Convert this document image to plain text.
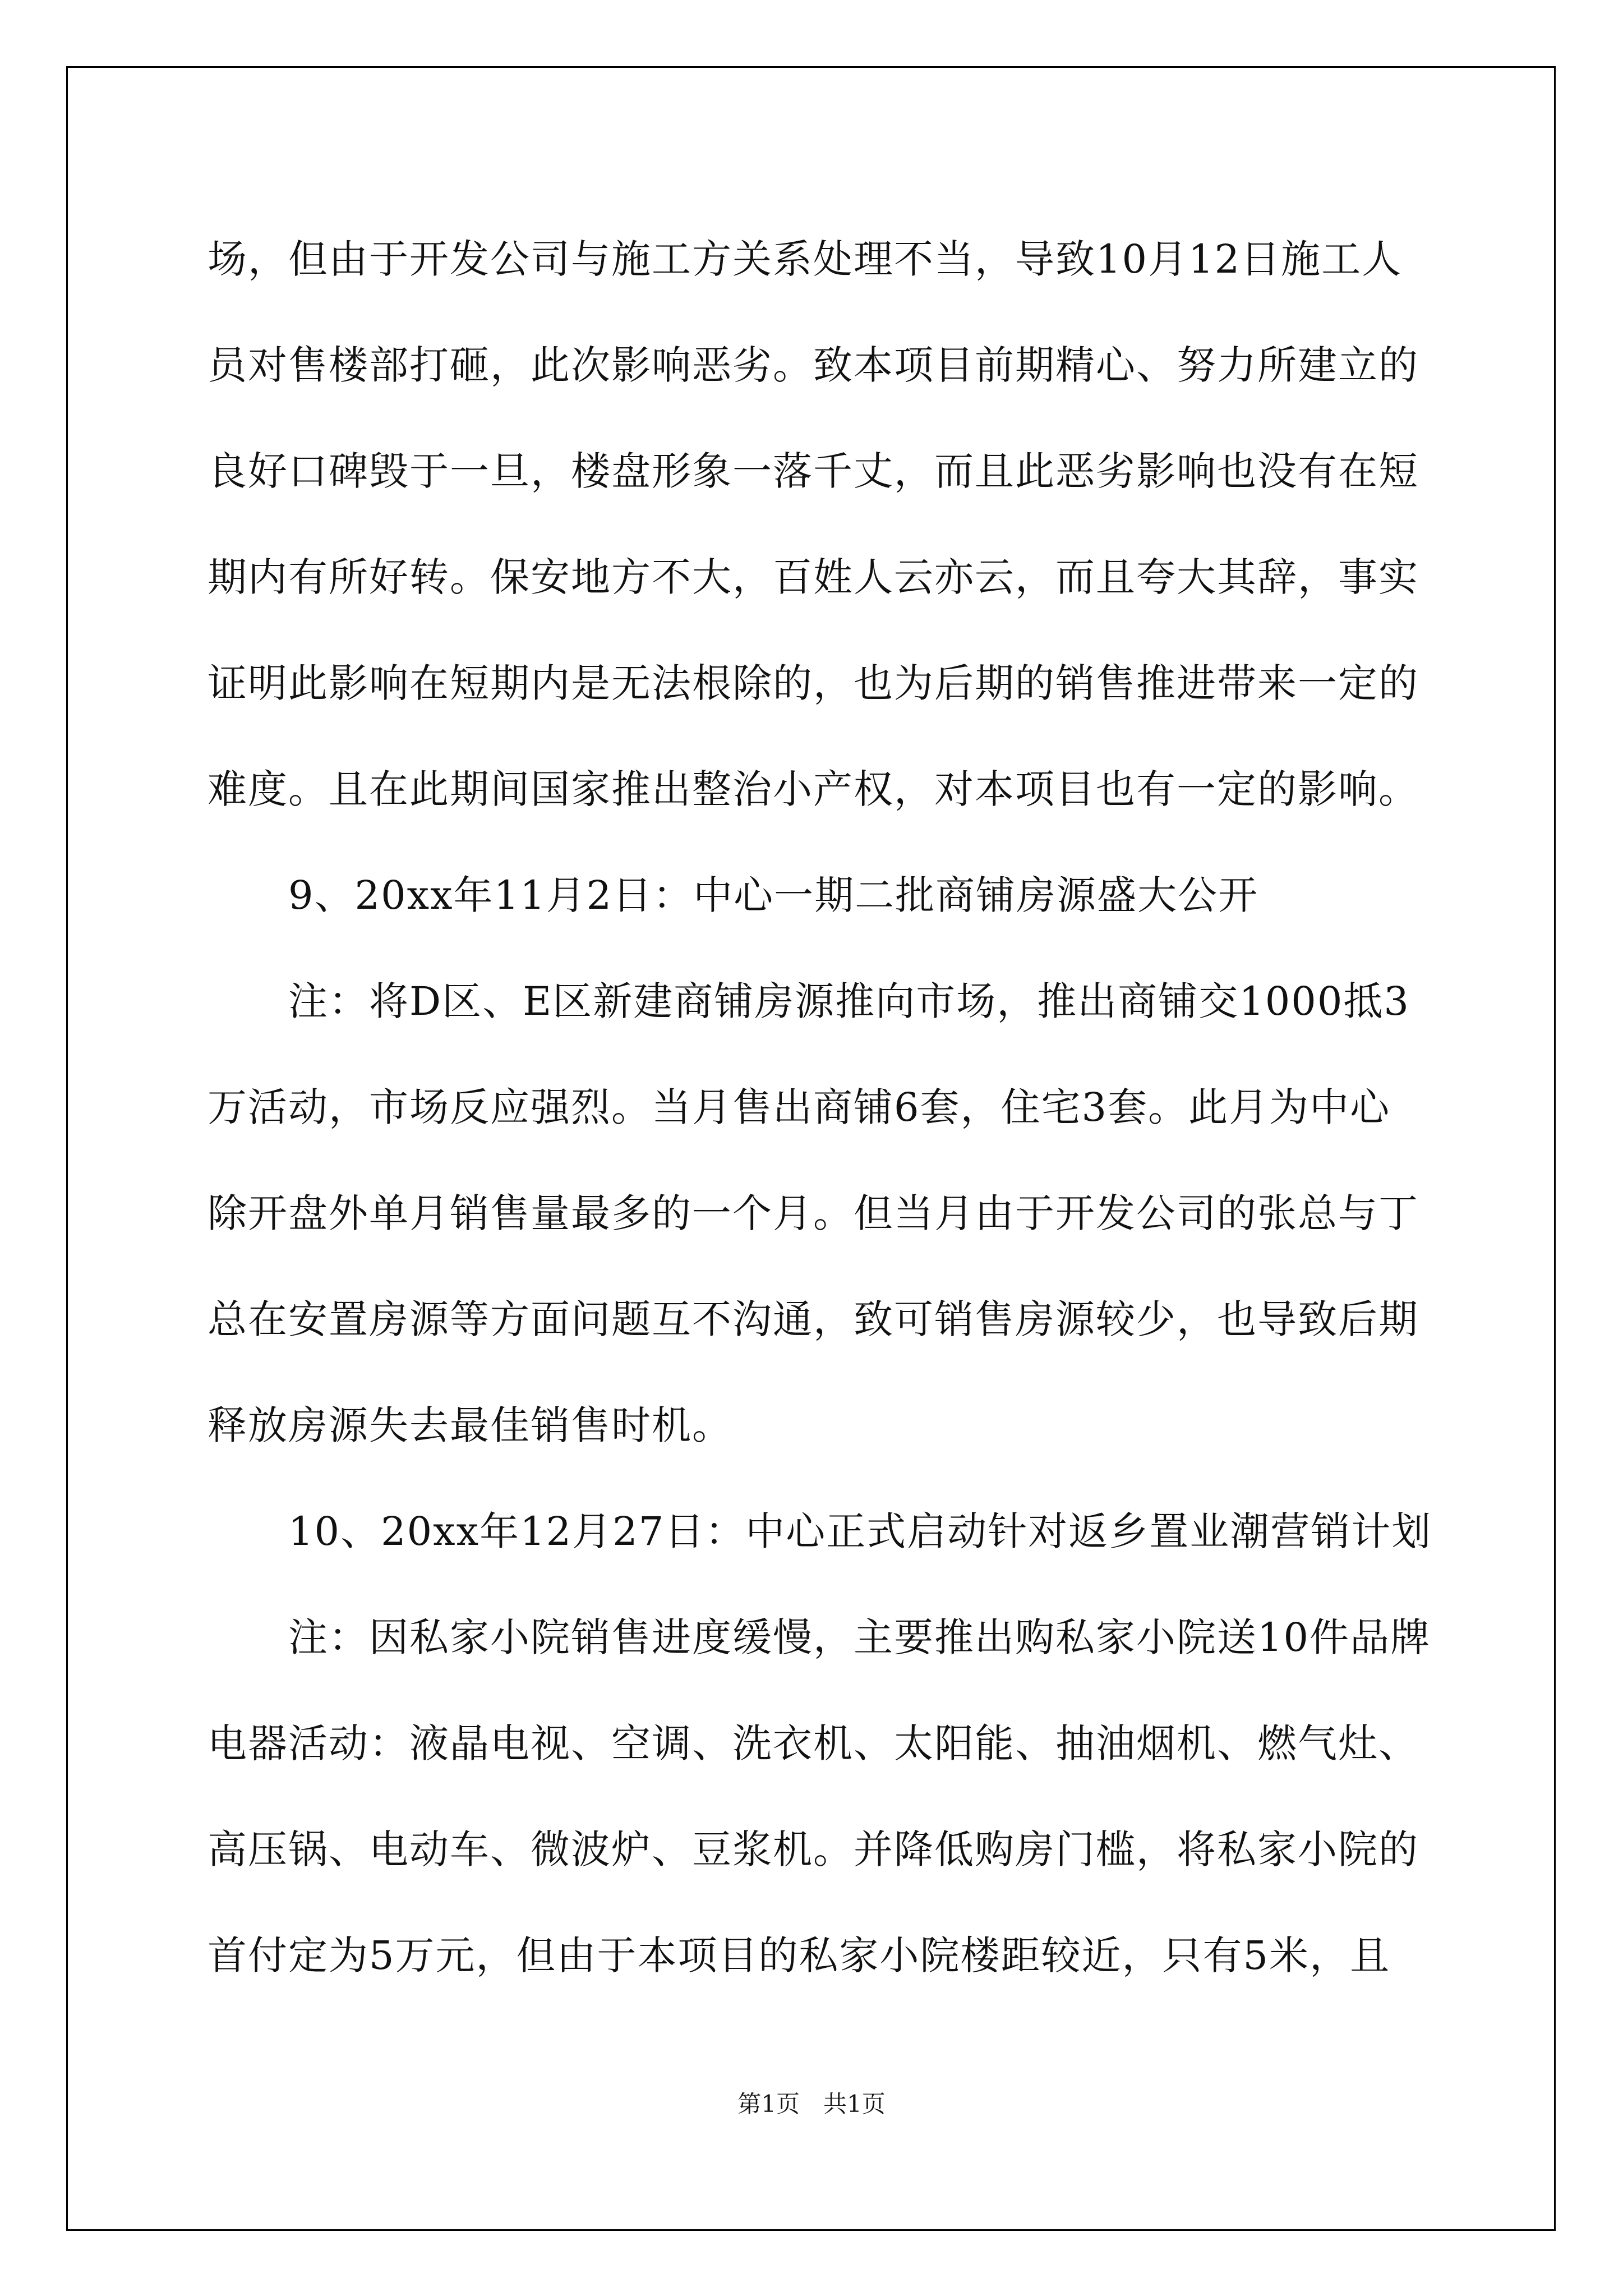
场，但由于开发公司与施工方关系处理不当，导致10月12日施工人
员对售楼部打砸，此次影响恶劣。致本项目前期精心、努力所建立的
良好口碑毁于一旦，楼盘形象一落千丈，而且此恶劣影响也没有在短
期内有所好转。保安地方不大，百姓人云亦云，而且夸大其辞，事实
证明此影响在短期内是无法根除的，也为后期的销售推进带来一定的
难度。且在此期间国家推出整治小产权，对本项目也有一定的影响。
　　9、20xx年11月2日：中心一期二批商铺房源盛大公开
　　注：将D区、E区新建商铺房源推向市场，推出商铺交1000抵3
万活动，市场反应强烈。当月售出商铺6套，住宅3套。此月为中心
除开盘外单月销售量最多的一个月。但当月由于开发公司的张总与丁
总在安置房源等方面问题互不沟通，致可销售房源较少，也导致后期
释放房源失去最佳销售时机。
　　10、20xx年12月27日：中心正式启动针对返乡置业潮营销计划
　　注：因私家小院销售进度缓慢，主要推出购私家小院送10件品牌
电器活动：液晶电视、空调、洗衣机、太阳能、抽油烟机、燃气灶、
高压锅、电动车、微波炉、豆浆机。并降低购房门槛，将私家小院的
首付定为5万元，但由于本项目的私家小院楼距较近，只有5米，且
第1页　共1页
